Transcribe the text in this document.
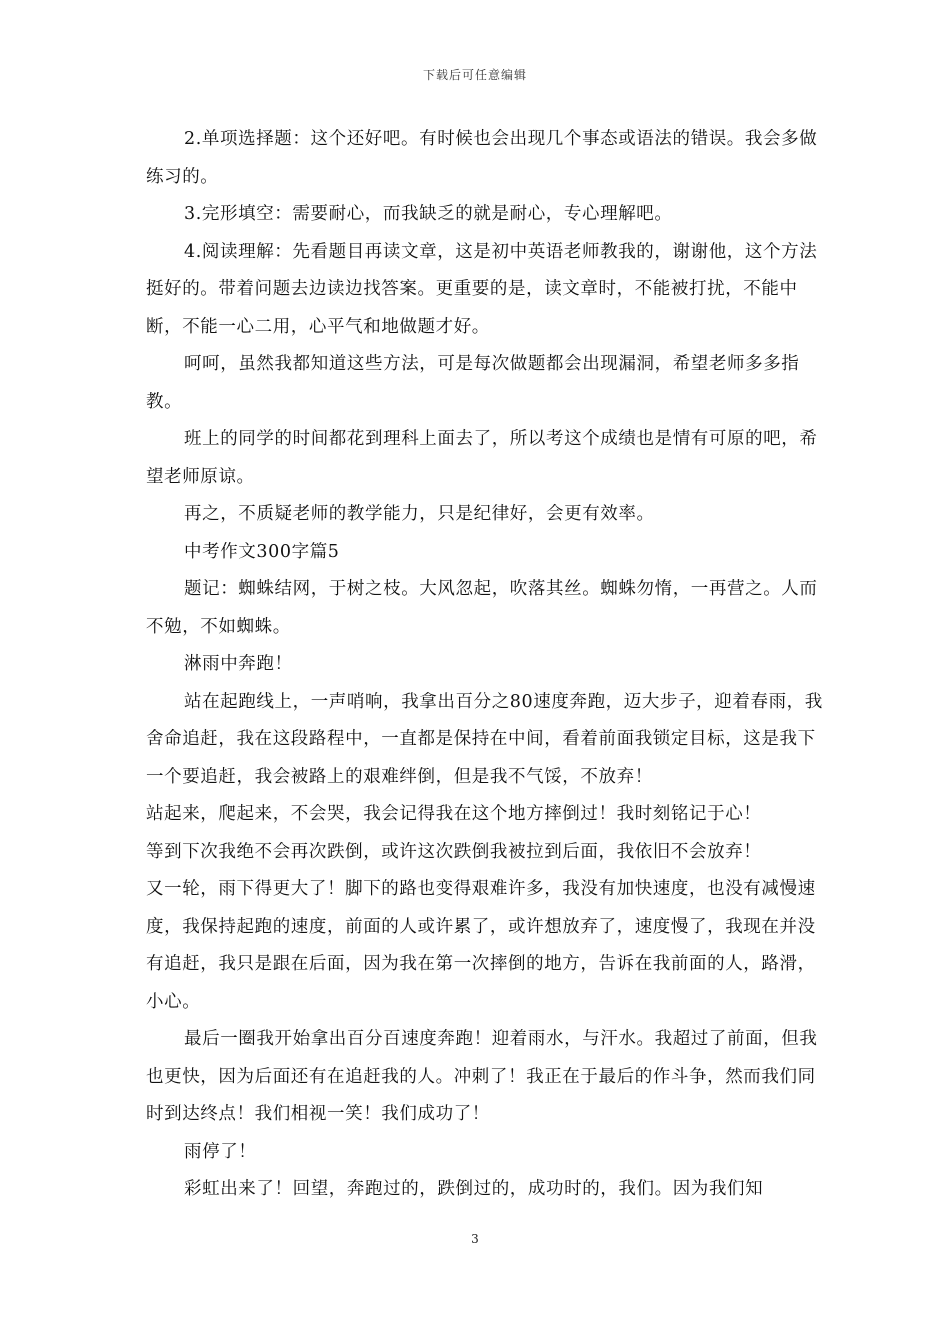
下载后可任意编辑

2.单项选择题：这个还好吧。有时候也会出现几个事态或语法的错误。我会多做练习的。

3.完形填空：需要耐心，而我缺乏的就是耐心，专心理解吧。

4.阅读理解：先看题目再读文章，这是初中英语老师教我的，谢谢他，这个方法挺好的。带着问题去边读边找答案。更重要的是，读文章时，不能被打扰，不能中断，不能一心二用，心平气和地做题才好。

呵呵，虽然我都知道这些方法，可是每次做题都会出现漏洞，希望老师多多指教。

班上的同学的时间都花到理科上面去了，所以考这个成绩也是情有可原的吧，希望老师原谅。

再之，不质疑老师的教学能力，只是纪律好，会更有效率。

中考作文300字篇5

题记：蜘蛛结网，于树之枝。大风忽起，吹落其丝。蜘蛛勿惰，一再营之。人而不勉，不如蜘蛛。

淋雨中奔跑！

站在起跑线上，一声哨响，我拿出百分之80速度奔跑，迈大步子，迎着春雨，我舍命追赶，我在这段路程中，一直都是保持在中间，看着前面我锁定目标，这是我下一个要追赶，我会被路上的艰难绊倒，但是我不气馁，不放弃！

站起来，爬起来，不会哭，我会记得我在这个地方摔倒过！我时刻铭记于心！

等到下次我绝不会再次跌倒，或许这次跌倒我被拉到后面，我依旧不会放弃！

又一轮，雨下得更大了！脚下的路也变得艰难许多，我没有加快速度，也没有减慢速度，我保持起跑的速度，前面的人或许累了，或许想放弃了，速度慢了，我现在并没有追赶，我只是跟在后面，因为我在第一次摔倒的地方，告诉在我前面的人，路滑，小心。

最后一圈我开始拿出百分百速度奔跑！迎着雨水，与汗水。我超过了前面，但我也更快，因为后面还有在追赶我的人。冲刺了！我正在于最后的作斗争，然而我们同时到达终点！我们相视一笑！我们成功了！

雨停了！

彩虹出来了！回望，奔跑过的，跌倒过的，成功时的，我们。因为我们知

3
